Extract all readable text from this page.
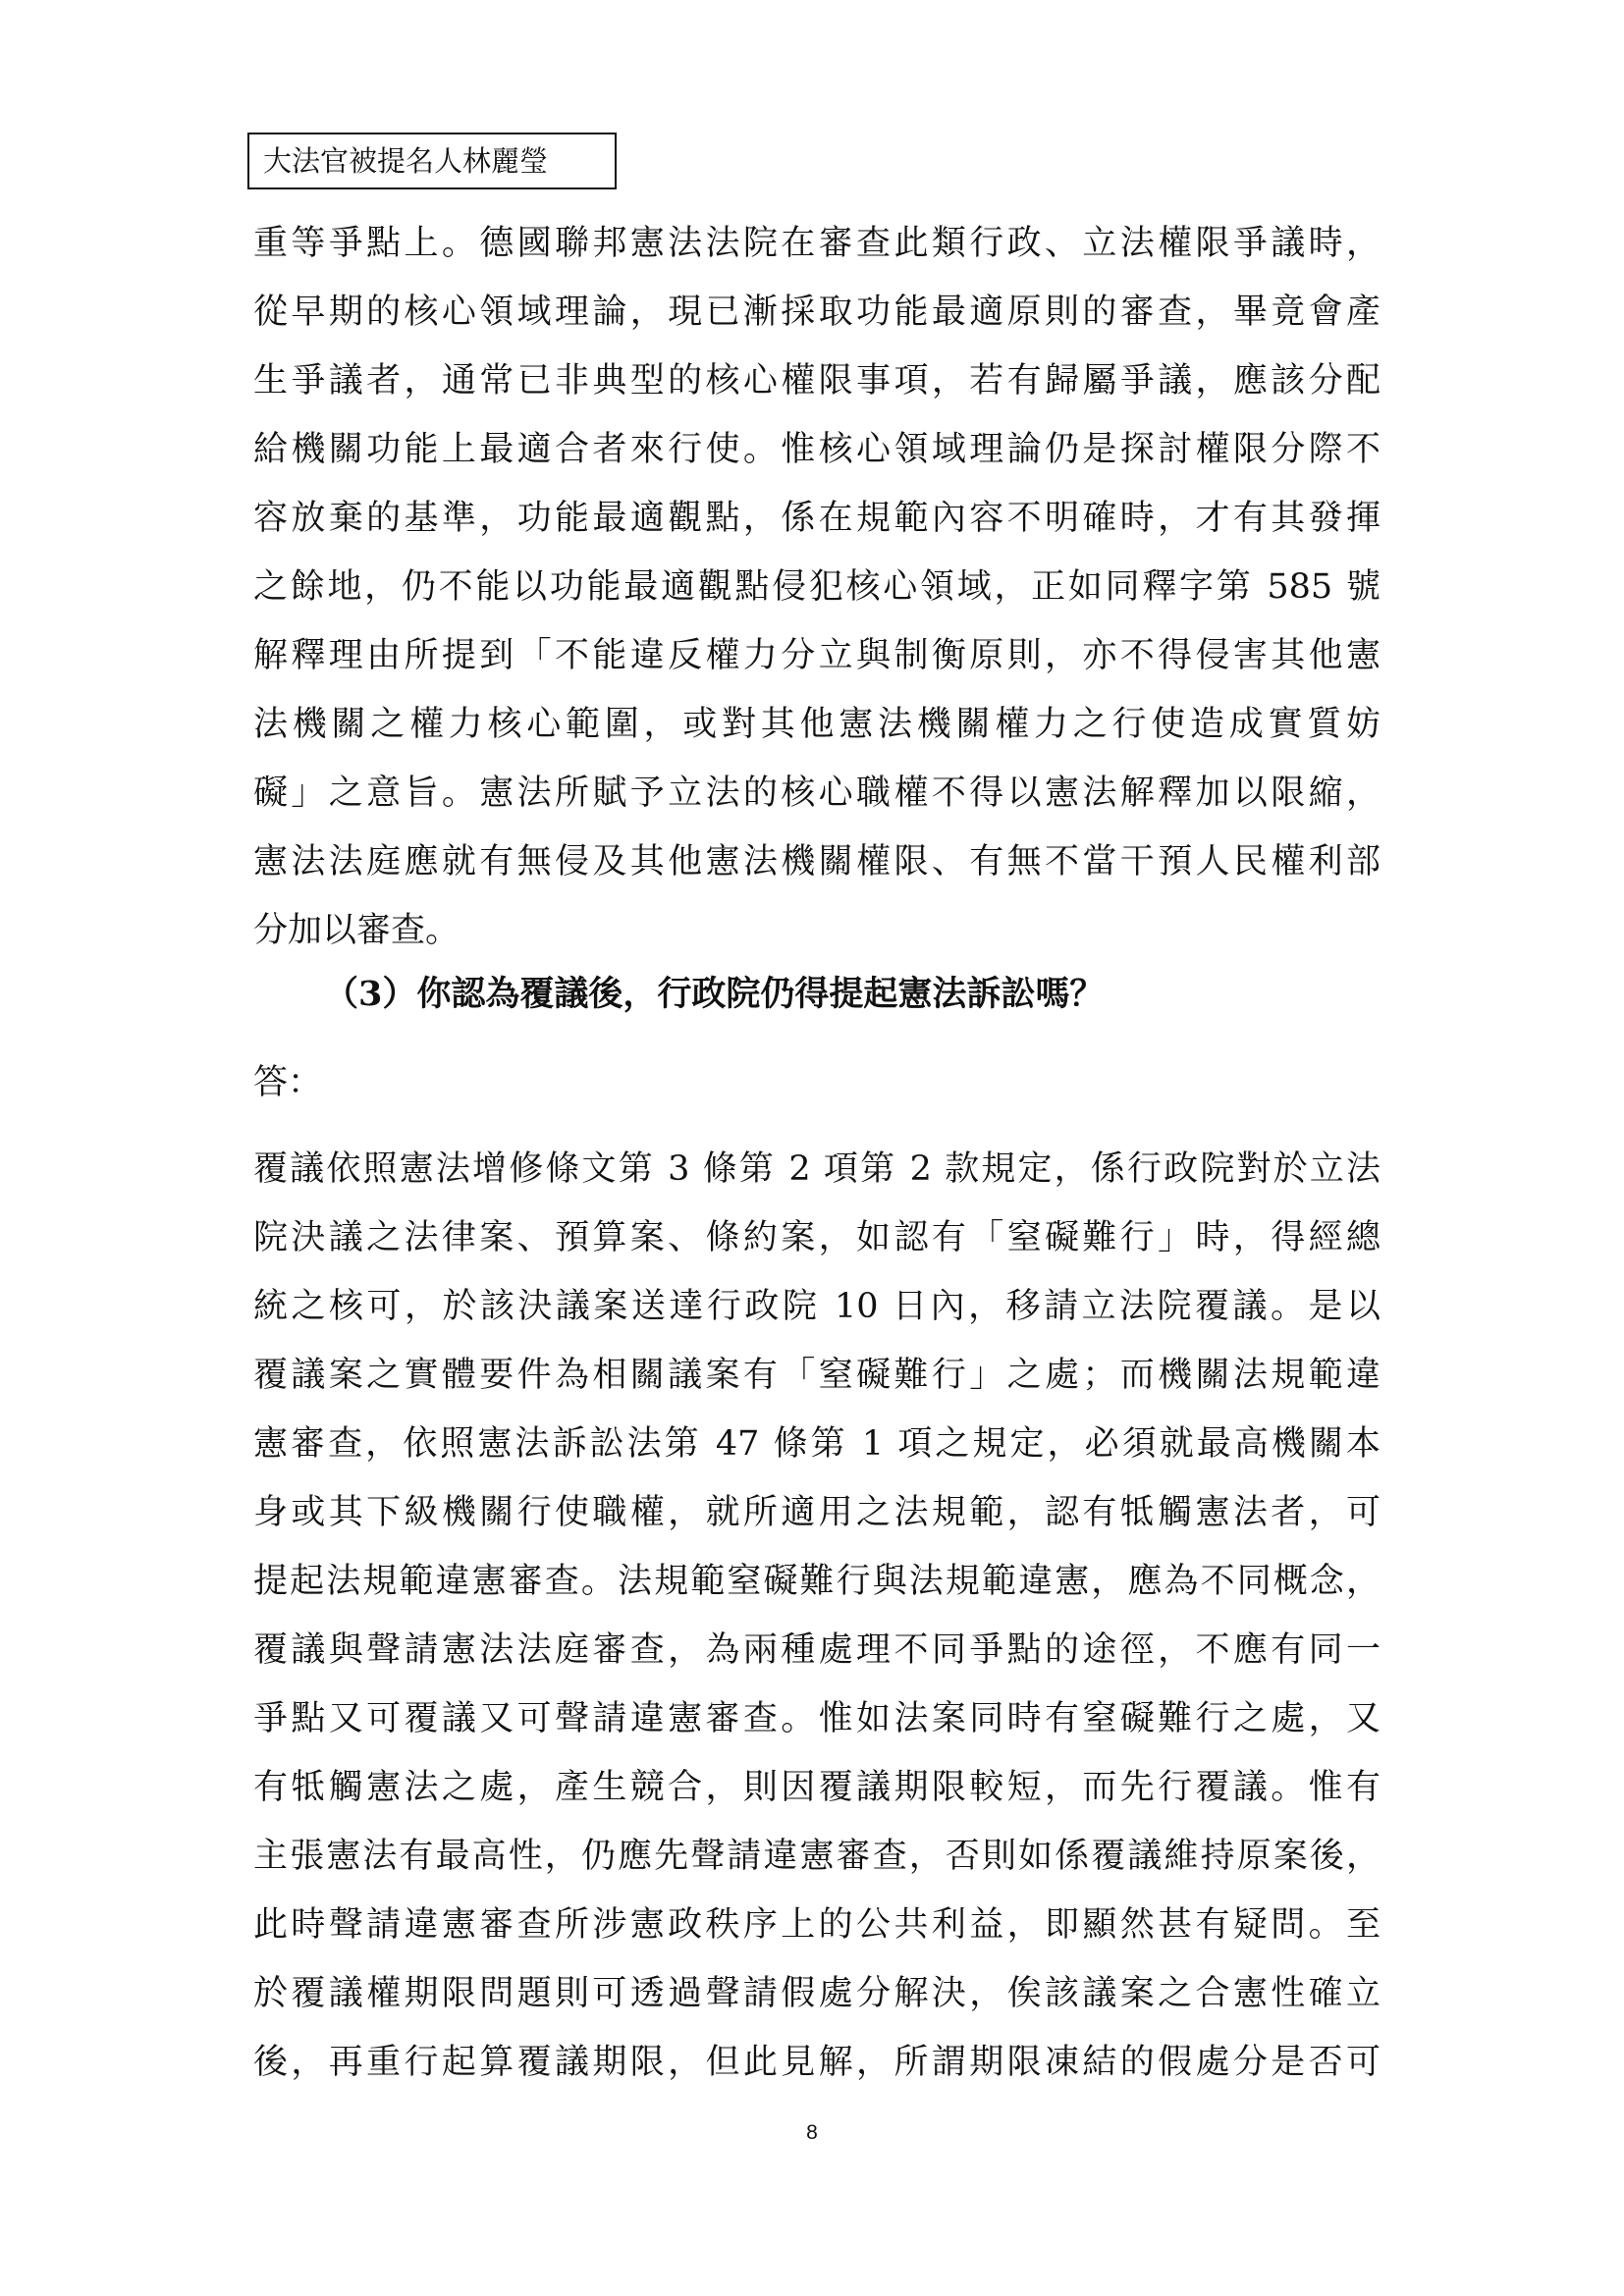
大法官被提名人林麗瑩
重等爭點上。德國聯邦憲法法院在審查此類行政、立法權限爭議時，
從早期的核心領域理論，現已漸採取功能最適原則的審查，畢竟會產
生爭議者，通常已非典型的核心權限事項，若有歸屬爭議，應該分配
給機關功能上最適合者來行使。惟核心領域理論仍是探討權限分際不
容放棄的基準，功能最適觀點，係在規範內容不明確時，才有其發揮
之餘地，仍不能以功能最適觀點侵犯核心領域，正如同釋字第 585 號
解釋理由所提到「不能違反權力分立與制衡原則，亦不得侵害其他憲
法機關之權力核心範圍，或對其他憲法機關權力之行使造成實質妨
礙」之意旨。憲法所賦予立法的核心職權不得以憲法解釋加以限縮，
憲法法庭應就有無侵及其他憲法機關權限、有無不當干預人民權利部
分加以審查。
（3）你認為覆議後，行政院仍得提起憲法訴訟嗎？
答：
覆議依照憲法增修條文第 3 條第 2 項第 2 款規定，係行政院對於立法
院決議之法律案、預算案、條約案，如認有「窒礙難行」時，得經總
統之核可，於該決議案送達行政院 10 日內，移請立法院覆議。是以
覆議案之實體要件為相關議案有「窒礙難行」之處；而機關法規範違
憲審查，依照憲法訴訟法第 47 條第 1 項之規定，必須就最高機關本
身或其下級機關行使職權，就所適用之法規範，認有牴觸憲法者，可
提起法規範違憲審查。法規範窒礙難行與法規範違憲，應為不同概念，
覆議與聲請憲法法庭審查，為兩種處理不同爭點的途徑，不應有同一
爭點又可覆議又可聲請違憲審查。惟如法案同時有窒礙難行之處，又
有牴觸憲法之處，產生競合，則因覆議期限較短，而先行覆議。惟有
主張憲法有最高性，仍應先聲請違憲審查，否則如係覆議維持原案後，
此時聲請違憲審查所涉憲政秩序上的公共利益，即顯然甚有疑問。至
於覆議權期限問題則可透過聲請假處分解決，俟該議案之合憲性確立
後，再重行起算覆議期限，但此見解，所謂期限凍結的假處分是否可
8
